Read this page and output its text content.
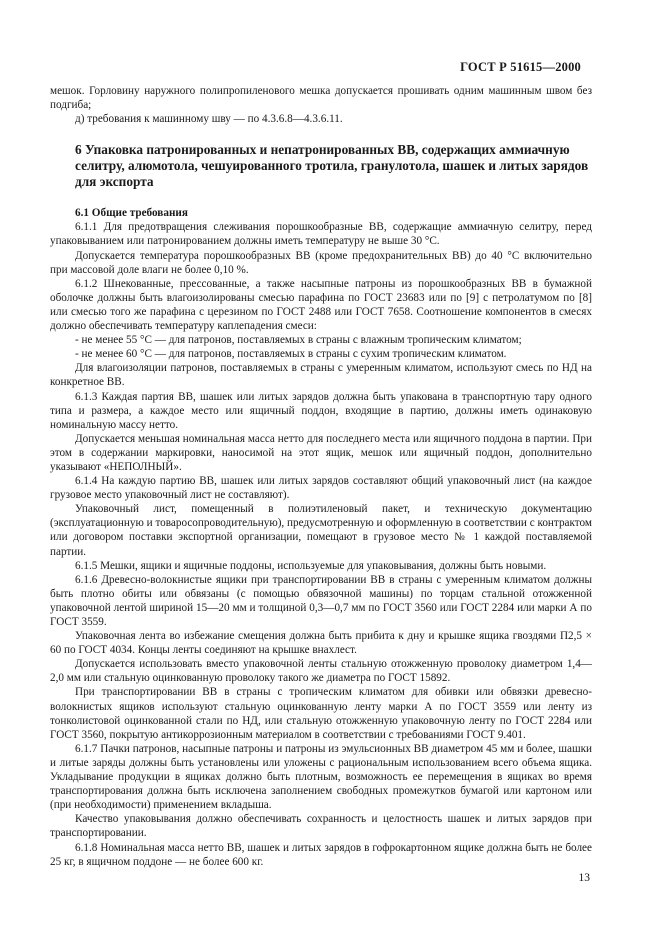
ГОСТ Р 51615—2000

мешок. Горловину наружного полипропиленового мешка допускается прошивать одним машинным швом без подгиба;

д) требования к машинному шву — по 4.3.6.8—4.3.6.11.

6 Упаковка патронированных и непатронированных ВВ, содержащих аммиачную селитру, алюмотола, чешуированного тротила, гранулотола, шашек и литых зарядов для экспорта

6.1 Общие требования

6.1.1 Для предотвращения слеживания порошкообразные ВВ, содержащие аммиачную селитру, перед упаковыванием или патронированием должны иметь температуру не выше 30 °С.

Допускается температура порошкообразных ВВ (кроме предохранительных ВВ) до 40 °С включительно при массовой доле влаги не более 0,10 %.

6.1.2 Шнекованные, прессованные, а также насыпные патроны из порошкообразных ВВ в бумажной оболочке должны быть влагоизолированы смесью парафина по ГОСТ 23683 или по [9] с петролатумом по [8] или смесью того же парафина с церезином по ГОСТ 2488 или ГОСТ 7658. Соотношение компонентов в смесях должно обеспечивать температуру каплепадения смеси:

- не менее 55 °С — для патронов, поставляемых в страны с влажным тропическим климатом;

- не менее 60 °С — для патронов, поставляемых в страны с сухим тропическим климатом.

Для влагоизоляции патронов, поставляемых в страны с умеренным климатом, используют смесь по НД на конкретное ВВ.

6.1.3 Каждая партия ВВ, шашек или литых зарядов должна быть упакована в транспортную тару одного типа и размера, а каждое место или ящичный поддон, входящие в партию, должны иметь одинаковую номинальную массу нетто.

Допускается меньшая номинальная масса нетто для последнего места или ящичного поддона в партии. При этом в содержании маркировки, наносимой на этот ящик, мешок или ящичный поддон, дополнительно указывают «НЕПОЛНЫЙ».

6.1.4 На каждую партию ВВ, шашек или литых зарядов составляют общий упаковочный лист (на каждое грузовое место упаковочный лист не составляют).

Упаковочный лист, помещенный в полиэтиленовый пакет, и техническую документацию (эксплуатационную и товаросопроводительную), предусмотренную и оформленную в соответствии с контрактом или договором поставки экспортной организации, помещают в грузовое место № 1 каждой поставляемой партии.

6.1.5 Мешки, ящики и ящичные поддоны, используемые для упаковывания, должны быть новыми.

6.1.6 Древесно-волокнистые ящики при транспортировании ВВ в страны с умеренным климатом должны быть плотно обиты или обвязаны (с помощью обвязочной машины) по торцам стальной отожженной упаковочной лентой шириной 15—20 мм и толщиной 0,3—0,7 мм по ГОСТ 3560 или ГОСТ 2284 или марки А по ГОСТ 3559.

Упаковочная лента во избежание смещения должна быть прибита к дну и крышке ящика гвоздями П2,5 × 60 по ГОСТ 4034. Концы ленты соединяют на крышке внахлест.

Допускается использовать вместо упаковочной ленты стальную отожженную проволоку диаметром 1,4—2,0 мм или стальную оцинкованную проволоку такого же диаметра по ГОСТ 15892.

При транспортировании ВВ в страны с тропическим климатом для обивки или обвязки древесно-волокнистых ящиков используют стальную оцинкованную ленту марки А по ГОСТ 3559 или ленту из тонколистовой оцинкованной стали по НД, или стальную отожженную упаковочную ленту по ГОСТ 2284 или ГОСТ 3560, покрытую антикоррозионным материалом в соответствии с требованиями ГОСТ 9.401.

6.1.7 Пачки патронов, насыпные патроны и патроны из эмульсионных ВВ диаметром 45 мм и более, шашки и литые заряды должны быть установлены или уложены с рациональным использованием всего объема ящика. Укладывание продукции в ящиках должно быть плотным, возможность ее перемещения в ящиках во время транспортирования должна быть исключена заполнением свободных промежутков бумагой или картоном или (при необходимости) применением вкладыша.

Качество упаковывания должно обеспечивать сохранность и целостность шашек и литых зарядов при транспортировании.

6.1.8 Номинальная масса нетто ВВ, шашек и литых зарядов в гофрокартонном ящике должна быть не более 25 кг, в ящичном поддоне — не более 600 кг.

13
